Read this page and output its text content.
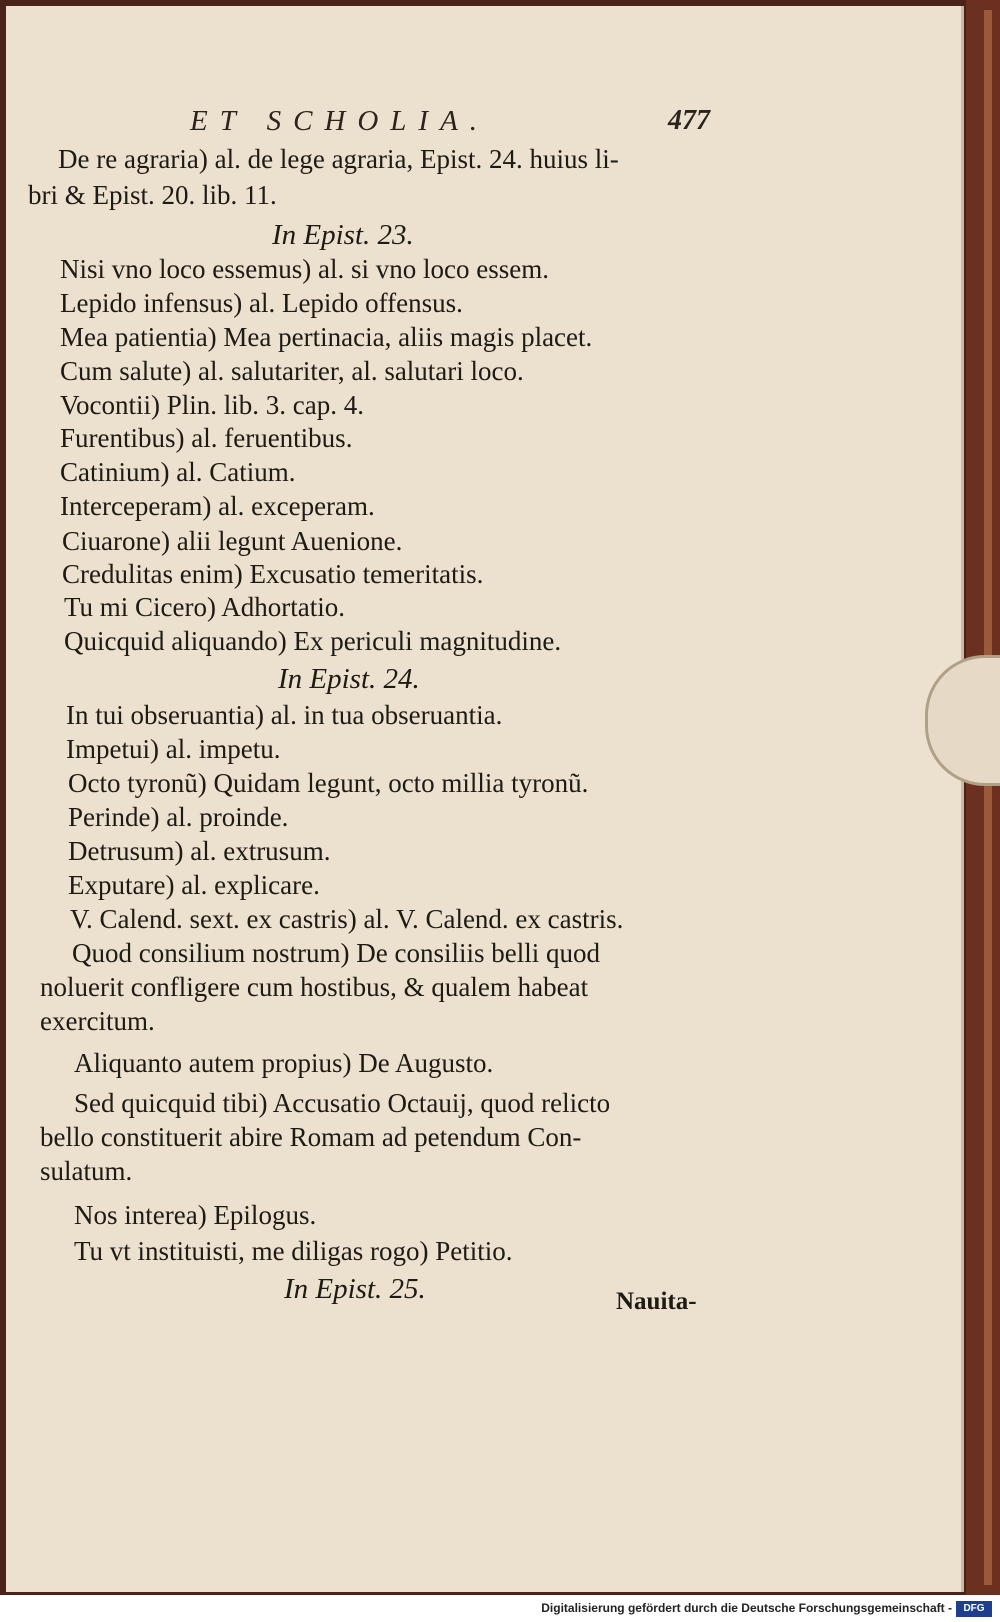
ET SCHOLIA.	477
De re agraria) al. de lege agraria, Epist. 24. huius li-
bri & Epist. 20. lib. 11.
In Epist. 23.
Nisi vno loco essemus) al. si vno loco essem.
Lepido infensus) al. Lepido offensus.
Mea patientia) Mea pertinacia, aliis magis placet.
Cum salute) al. salutariter, al. salutari loco.
Vocontii) Plin. lib. 3. cap. 4.
Furentibus) al. feruentibus.
Catinium) al. Catium.
Interceperam) al. exceperam.
Ciuarone) alii legunt Auenione.
Credulitas enim) Excusatio temeritatis.
Tu mi Cicero) Adhortatio.
Quicquid aliquando) Ex periculi magnitudine.
In Epist. 24.
In tui obseruantia) al. in tua obseruantia.
Impetui) al. impetu.
Octo tyronũ) Quidam legunt, octo millia tyronũ.
Perinde) al. proinde.
Detrusum) al. extrusum.
Exputare) al. explicare.
V. Calend. sext. ex castris) al. V. Calend. ex castris.
Quod consilium nostrum) De consiliis belli quod
noluerit confligere cum hostibus, & qualem habeat
exercitum.
Aliquanto autem propius) De Augusto.
Sed quicquid tibi) Accusatio Octauij, quod relicto
bello constituerit abire Romam ad petendum Con-
sulatum.
Nos interea) Epilogus.
Tu vt instituisti, me diligas rogo) Petitio.
In Epist. 25.	Nauita-
Digitalisierung gefördert durch die Deutsche Forschungsgemeinschaft -	DFG
